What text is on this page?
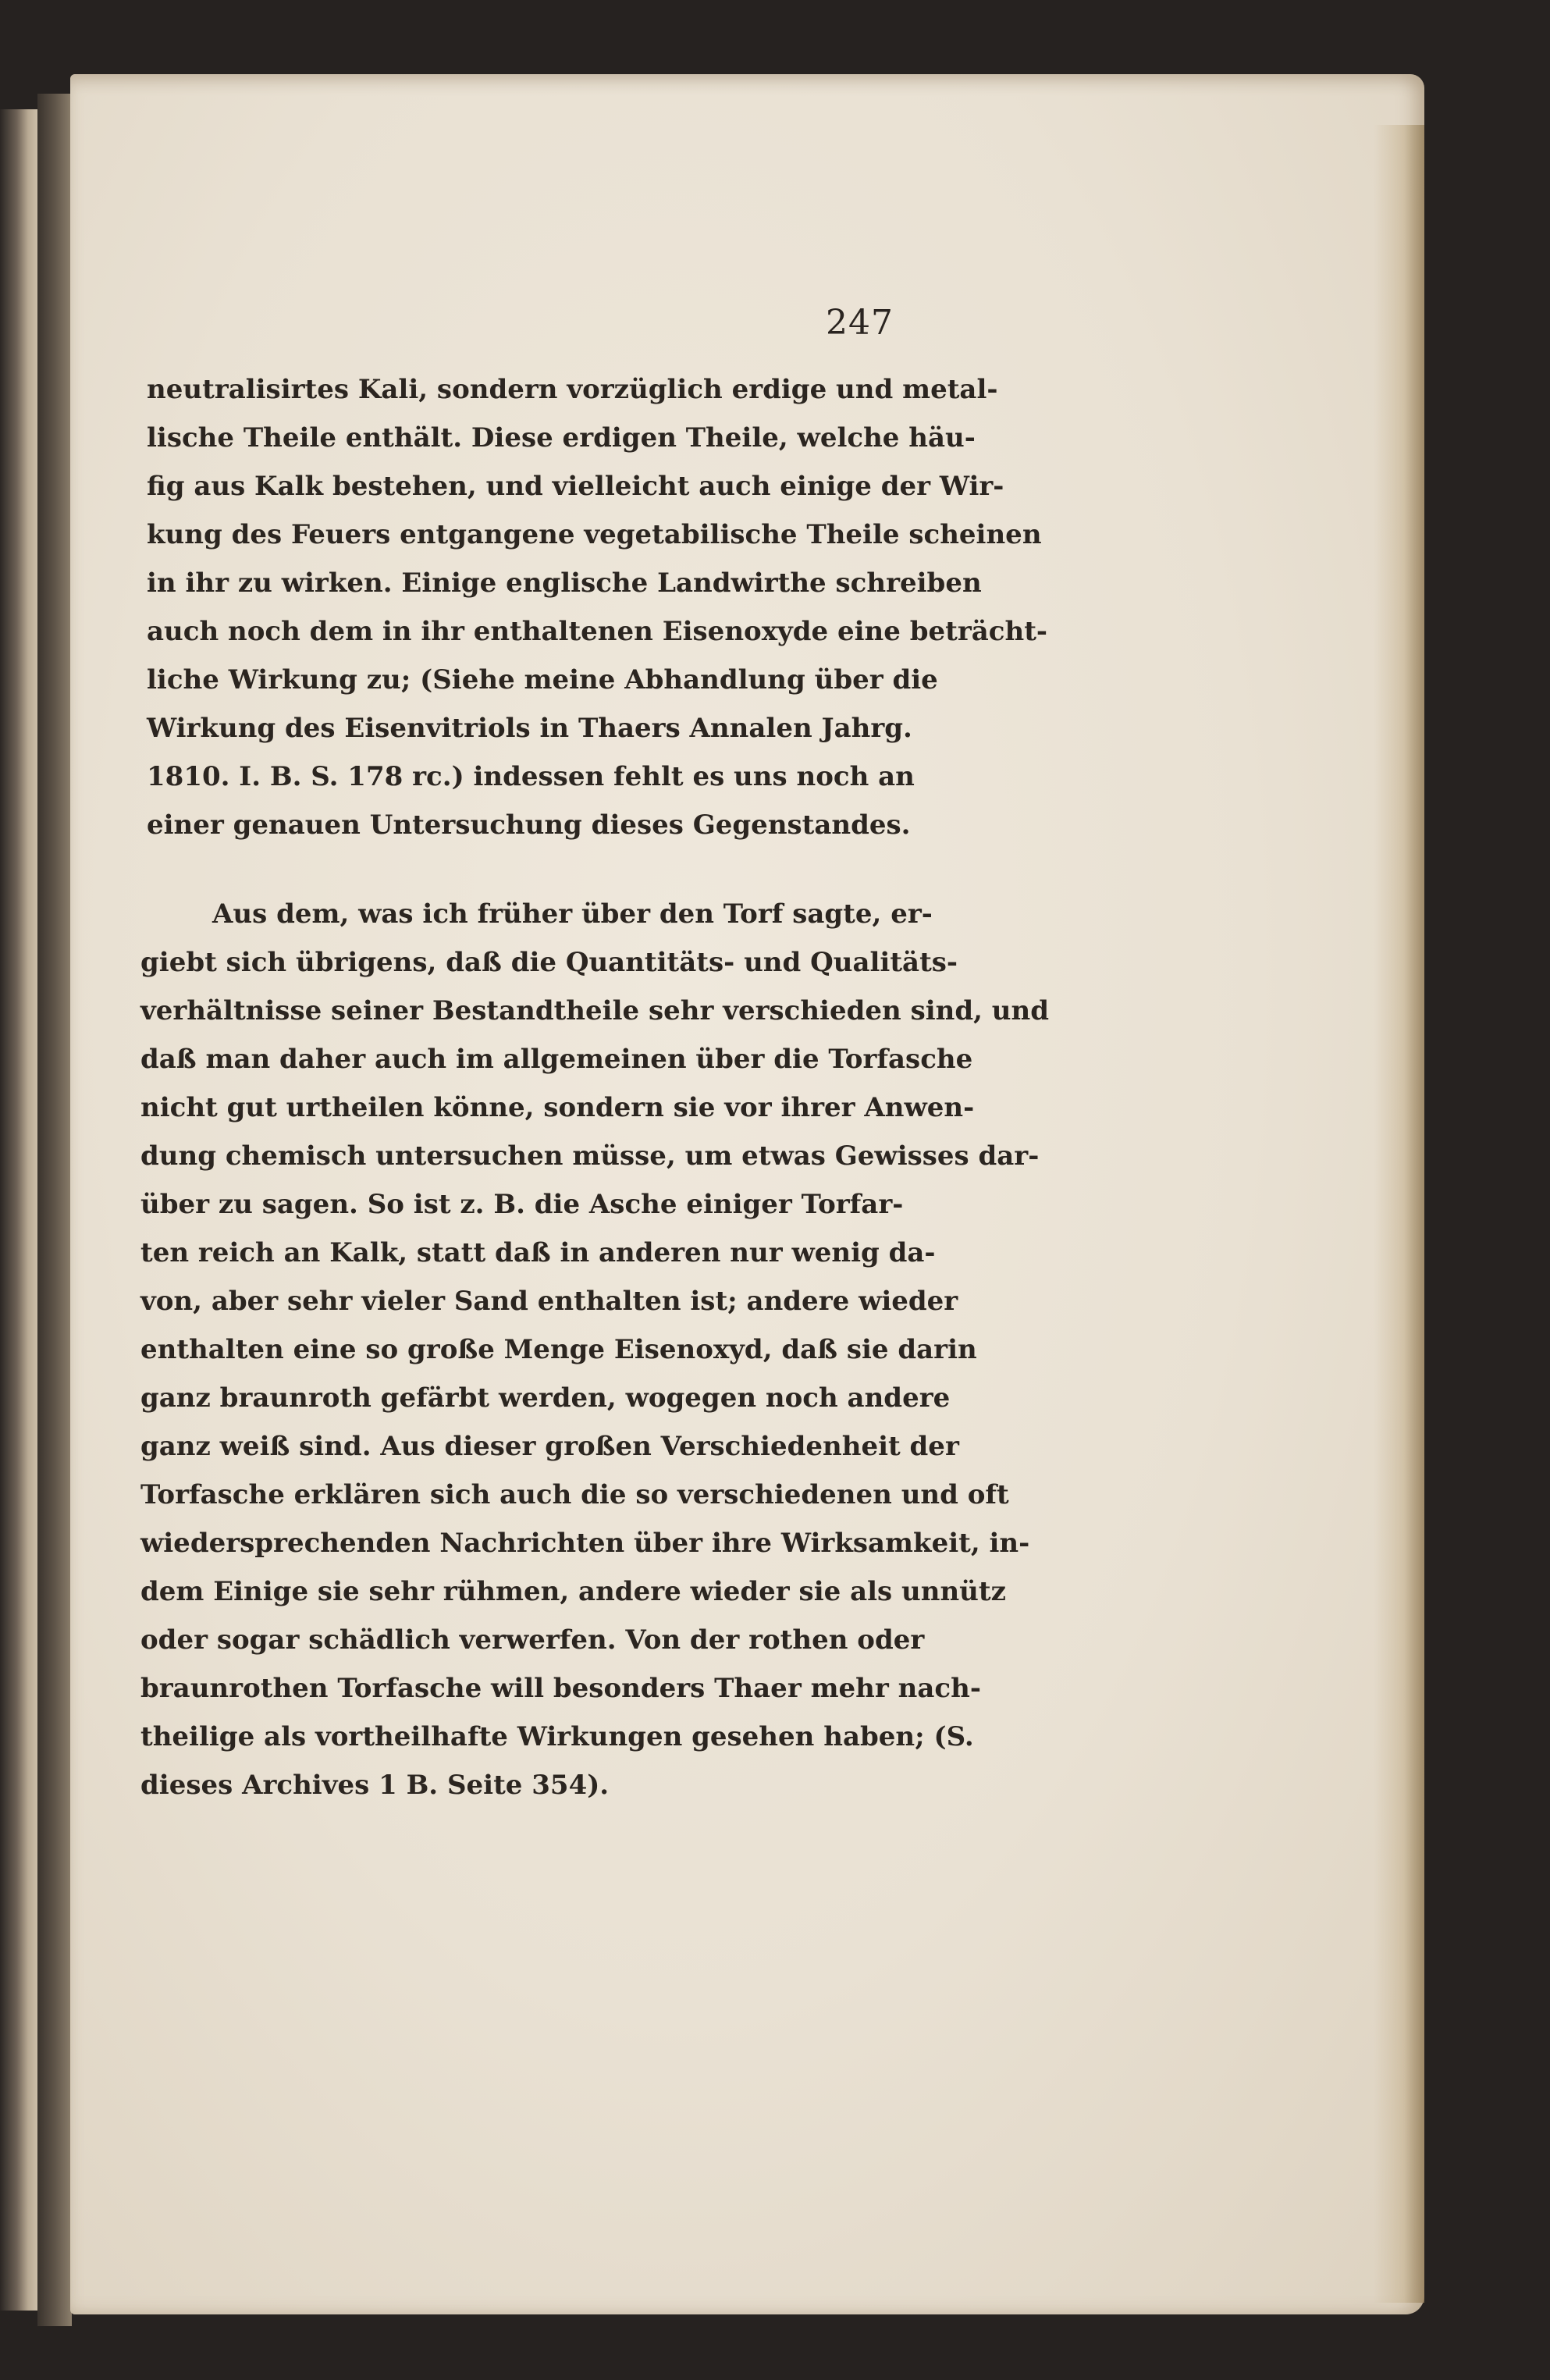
247
neutralisirtes Kali, sondern vorzüglich erdige und metal-
lische Theile enthält. Diese erdigen Theile, welche häu-
fig aus Kalk bestehen, und vielleicht auch einige der Wir-
kung des Feuers entgangene vegetabilische Theile scheinen
in ihr zu wirken. Einige englische Landwirthe schreiben
auch noch dem in ihr enthaltenen Eisenoxyde eine beträcht-
liche Wirkung zu; (Siehe meine Abhandlung über die
Wirkung des Eisenvitriols in Thaers Annalen Jahrg.
1810. I. B. S. 178 rc.) indessen fehlt es uns noch an
einer genauen Untersuchung dieses Gegenstandes.
Aus dem, was ich früher über den Torf sagte, er-
giebt sich übrigens, daß die Quantitäts- und Qualitäts-
verhältnisse seiner Bestandtheile sehr verschieden sind, und
daß man daher auch im allgemeinen über die Torfasche
nicht gut urtheilen könne, sondern sie vor ihrer Anwen-
dung chemisch untersuchen müsse, um etwas Gewisses dar-
über zu sagen. So ist z. B. die Asche einiger Torfar-
ten reich an Kalk, statt daß in anderen nur wenig da-
von, aber sehr vieler Sand enthalten ist; andere wieder
enthalten eine so große Menge Eisenoxyd, daß sie darin
ganz braunroth gefärbt werden, wogegen noch andere
ganz weiß sind. Aus dieser großen Verschiedenheit der
Torfasche erklären sich auch die so verschiedenen und oft
wiedersprechenden Nachrichten über ihre Wirksamkeit, in-
dem Einige sie sehr rühmen, andere wieder sie als unnütz
oder sogar schädlich verwerfen. Von der rothen oder
braunrothen Torfasche will besonders Thaer mehr nach-
theilige als vortheilhafte Wirkungen gesehen haben; (S.
dieses Archives 1 B. Seite 354).
